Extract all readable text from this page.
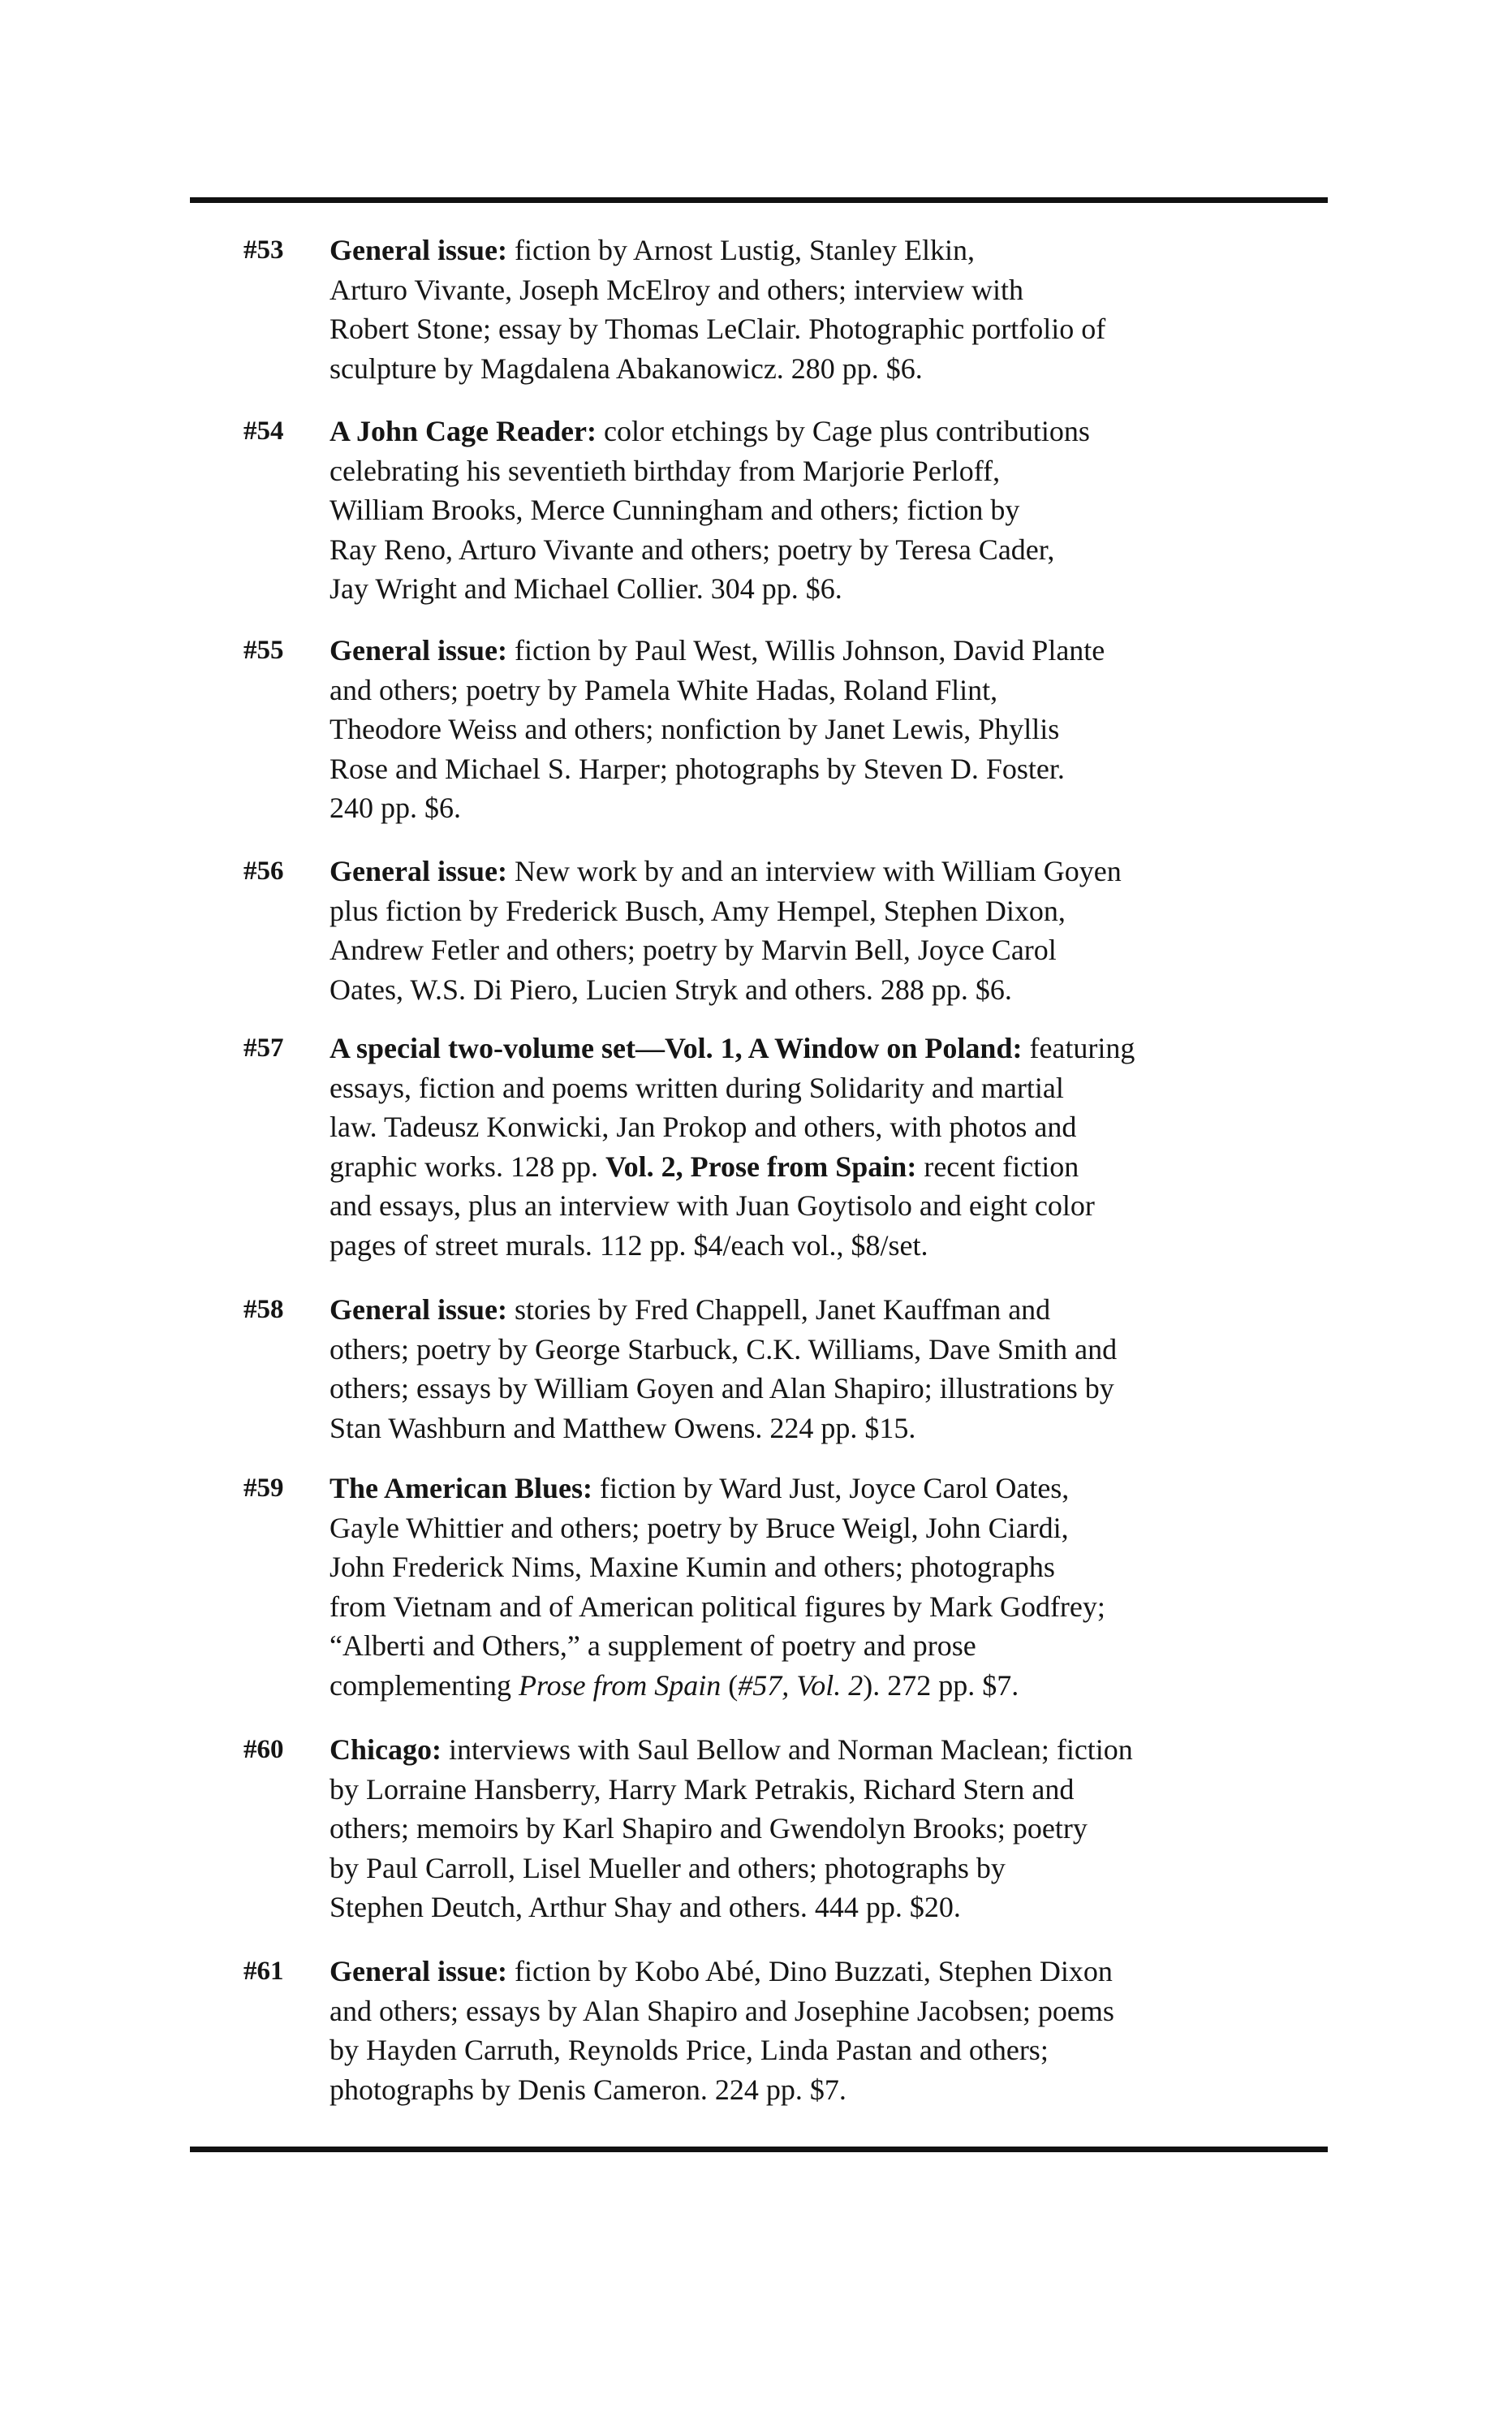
#53	General issue: fiction by Arnost Lustig, Stanley Elkin,
Arturo Vivante, Joseph McElroy and others; interview with
Robert Stone; essay by Thomas LeClair. Photographic portfolio of
sculpture by Magdalena Abakanowicz. 280 pp. $6.
#54	A John Cage Reader: color etchings by Cage plus contributions
celebrating his seventieth birthday from Marjorie Perloff,
William Brooks, Merce Cunningham and others; fiction by
Ray Reno, Arturo Vivante and others; poetry by Teresa Cader,
Jay Wright and Michael Collier. 304 pp. $6.
#55	General issue: fiction by Paul West, Willis Johnson, David Plante
and others; poetry by Pamela White Hadas, Roland Flint,
Theodore Weiss and others; nonfiction by Janet Lewis, Phyllis
Rose and Michael S. Harper; photographs by Steven D. Foster.
240 pp. $6.
#56	General issue: New work by and an interview with William Goyen
plus fiction by Frederick Busch, Amy Hempel, Stephen Dixon,
Andrew Fetler and others; poetry by Marvin Bell, Joyce Carol
Oates, W.S. Di Piero, Lucien Stryk and others. 288 pp. $6.
#57	A special two-volume set—Vol. 1, A Window on Poland: featuring
essays, fiction and poems written during Solidarity and martial
law. Tadeusz Konwicki, Jan Prokop and others, with photos and
graphic works. 128 pp. Vol. 2, Prose from Spain: recent fiction
and essays, plus an interview with Juan Goytisolo and eight color
pages of street murals. 112 pp. $4/each vol., $8/set.
#58	General issue: stories by Fred Chappell, Janet Kauffman and
others; poetry by George Starbuck, C.K. Williams, Dave Smith and
others; essays by William Goyen and Alan Shapiro; illustrations by
Stan Washburn and Matthew Owens. 224 pp. $15.
#59	The American Blues: fiction by Ward Just, Joyce Carol Oates,
Gayle Whittier and others; poetry by Bruce Weigl, John Ciardi,
John Frederick Nims, Maxine Kumin and others; photographs
from Vietnam and of American political figures by Mark Godfrey;
“Alberti and Others,” a supplement of poetry and prose
complementing Prose from Spain (#57, Vol. 2). 272 pp. $7.
#60	Chicago: interviews with Saul Bellow and Norman Maclean; fiction
by Lorraine Hansberry, Harry Mark Petrakis, Richard Stern and
others; memoirs by Karl Shapiro and Gwendolyn Brooks; poetry
by Paul Carroll, Lisel Mueller and others; photographs by
Stephen Deutch, Arthur Shay and others. 444 pp. $20.
#61	General issue: fiction by Kobo Abé, Dino Buzzati, Stephen Dixon
and others; essays by Alan Shapiro and Josephine Jacobsen; poems
by Hayden Carruth, Reynolds Price, Linda Pastan and others;
photographs by Denis Cameron. 224 pp. $7.
